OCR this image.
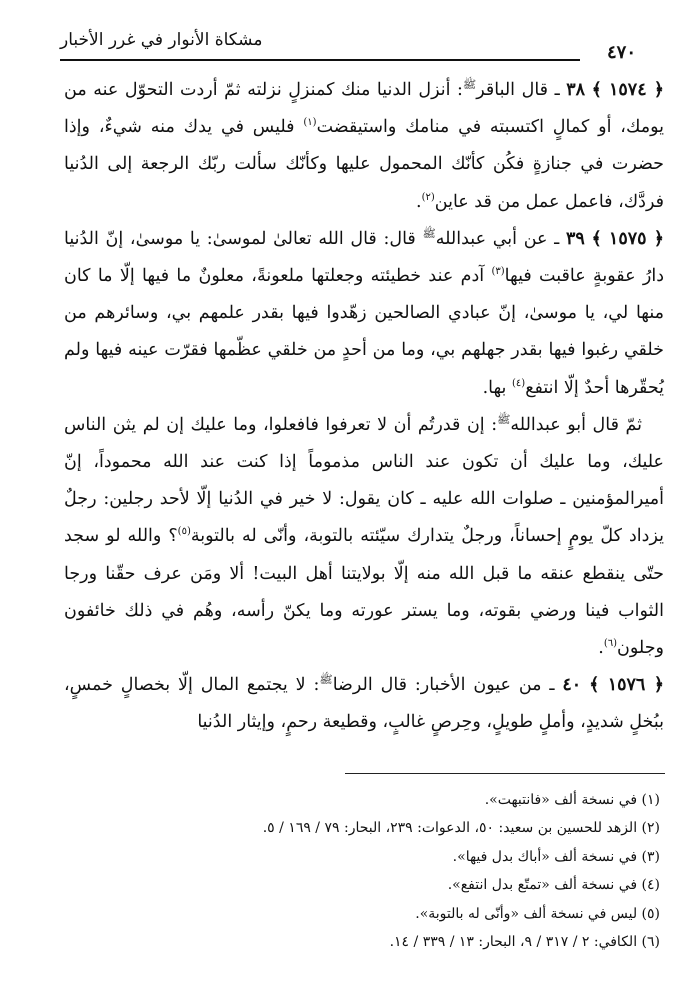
مشكاة الأنوار في غرر الأخبار
٤٧٠

﴿ ١٥٧٤ ﴾ ٣٨ ـ قال الباقر$^ﷺ$: أنزل الدنيا منك كمنزلٍ نزلته ثمّ أردت التحوّل عنه من يومك، أو كمالٍ اكتسبته في منامك واستيقضت$^{(١)}$ فليس في يدك منه شيءٌ، وإذا حضرت في جنازةٍ فكُن كأنّك المحمول عليها وكأنّك سألت ربّك الرجعة إلى الدُنيا فردَّك، فاعمل عمل من قد عاين$^{(٢)}$.

﴿ ١٥٧٥ ﴾ ٣٩ ـ عن أبي عبدالله$^ﷺ$ قال: قال الله تعالىٰ لموسىٰ: يا موسىٰ، إنّ الدُنيا دارُ عقوبةٍ عاقبت فيها$^{(٣)}$ آدم عند خطيئته وجعلتها ملعونةً، معلونٌ ما فيها إلّا ما كان منها لي، يا موسىٰ، إنّ عبادي الصالحين زهّدوا فيها بقدر علمهم بي، وسائرهم من خلقي رغبوا فيها بقدر جهلهم بي، وما من أحدٍ من خلقي عظّمها فقرّت عينه فيها ولم يُحقّرها أحدٌ إلّا انتفع$^{(٤)}$ بها.

ثمّ قال أبو عبدالله$^ﷺ$: إن قدرتُم أن لا تعرفوا فافعلوا، وما عليك إن لم يثن الناس عليك، وما عليك أن تكون عند الناس مذموماً إذا كنت عند الله محموداً، إنّ أميرالمؤمنين ـ صلوات الله عليه ـ كان يقول: لا خير في الدُنيا إلّا لأحد رجلين: رجلٌ يزداد كلّ يومٍ إحساناً، ورجلٌ يتدارك سيّئته بالتوبة، وأنّى له بالتوبة$^{(٥)}$؟ والله لو سجد حتّى ينقطع عنقه ما قبل الله منه إلّا بولايتنا أهل البيت! ألا ومَن عرف حقّنا ورجا الثواب فينا ورضي بقوته، وما يستر عورته وما يكنّ رأسه، وهُم في ذلك خائفون وجلون$^{(٦)}$.

﴿ ١٥٧٦ ﴾ ٤٠ ـ من عيون الأخبار: قال الرضا$^ﷺ$: لا يجتمع المال إلّا بخصالٍ خمسٍ، ببُخلٍ شديدٍ، وأملٍ طويلٍ، وحِرصٍ غالبٍ، وقطيعة رحمٍ، وإيثار الدُنيا

(١) في نسخة ألف «فانتبهت».
(٢) الزهد للحسين بن سعيد: ٥٠، الدعوات: ٢٣٩، البحار: ٧٩ / ١٦٩ / ٥.
(٣) في نسخة ألف «أباك بدل فيها».
(٤) في نسخة ألف «تمتّع بدل انتفع».
(٥) ليس في نسخة ألف «وأنّى له بالتوبة».
(٦) الكافي: ٢ / ٣١٧ / ٩، البحار: ١٣ / ٣٣٩ / ١٤.
